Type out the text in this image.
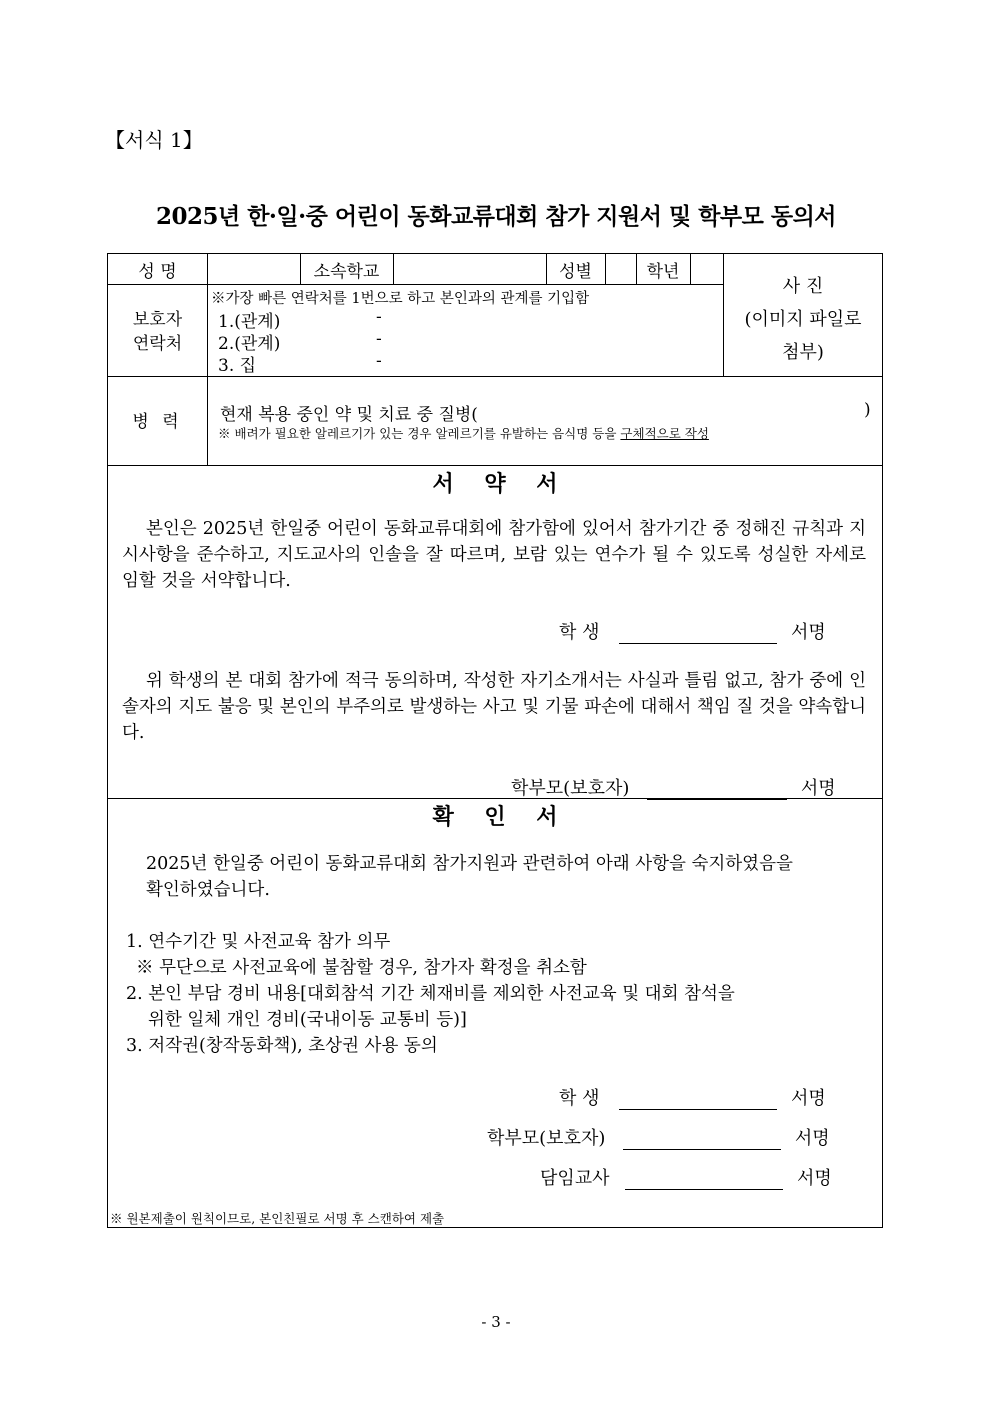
【서식 1】
2025년 한·일·중 어린이 동화교류대회 참가 지원서 및 학부모 동의서
성 명	소속학교	성별	학년
사 진
(이미지 파일로
첨부)
보호자
연락처
※가장 빠른 연락처를 1번으로 하고 본인과의 관계를 기입함
1.(관계)	-
2.(관계)	-
3. 집	-
병 력	현재 복용 중인 약 및 치료 중 질병(	)
※ 배려가 필요한 알레르기가 있는 경우 알레르기를 유발하는 음식명 등을 구체적으로 작성
서    약    서
본인은 2025년 한일중 어린이 동화교류대회에 참가함에 있어서 참가기간 중 정해진 규칙과 지시사항을 준수하고, 지도교사의 인솔을 잘 따르며, 보람 있는 연수가 될 수 있도록 성실한 자세로 임할 것을 서약합니다.
학 생	서명
위 학생의 본 대회 참가에 적극 동의하며, 작성한 자기소개서는 사실과 틀림 없고, 참가 중에 인솔자의 지도 불응 및 본인의 부주의로 발생하는 사고 및 기물 파손에 대해서 책임 질 것을 약속합니다.
학부모(보호자)	서명
확    인    서
2025년 한일중 어린이 동화교류대회 참가지원과 관련하여 아래 사항을 숙지하였음을
확인하였습니다.
1. 연수기간 및 사전교육 참가 의무
※ 무단으로 사전교육에 불참할 경우, 참가자 확정을 취소함
2. 본인 부담 경비 내용[대회참석 기간 체재비를 제외한 사전교육 및 대회 참석을
위한 일체 개인 경비(국내이동 교통비 등)]
3. 저작권(창작동화책), 초상권 사용 동의
학 생	서명
학부모(보호자)	서명
담임교사	서명
※ 원본제출이 원칙이므로, 본인친필로 서명 후 스캔하여 제출
- 3 -
